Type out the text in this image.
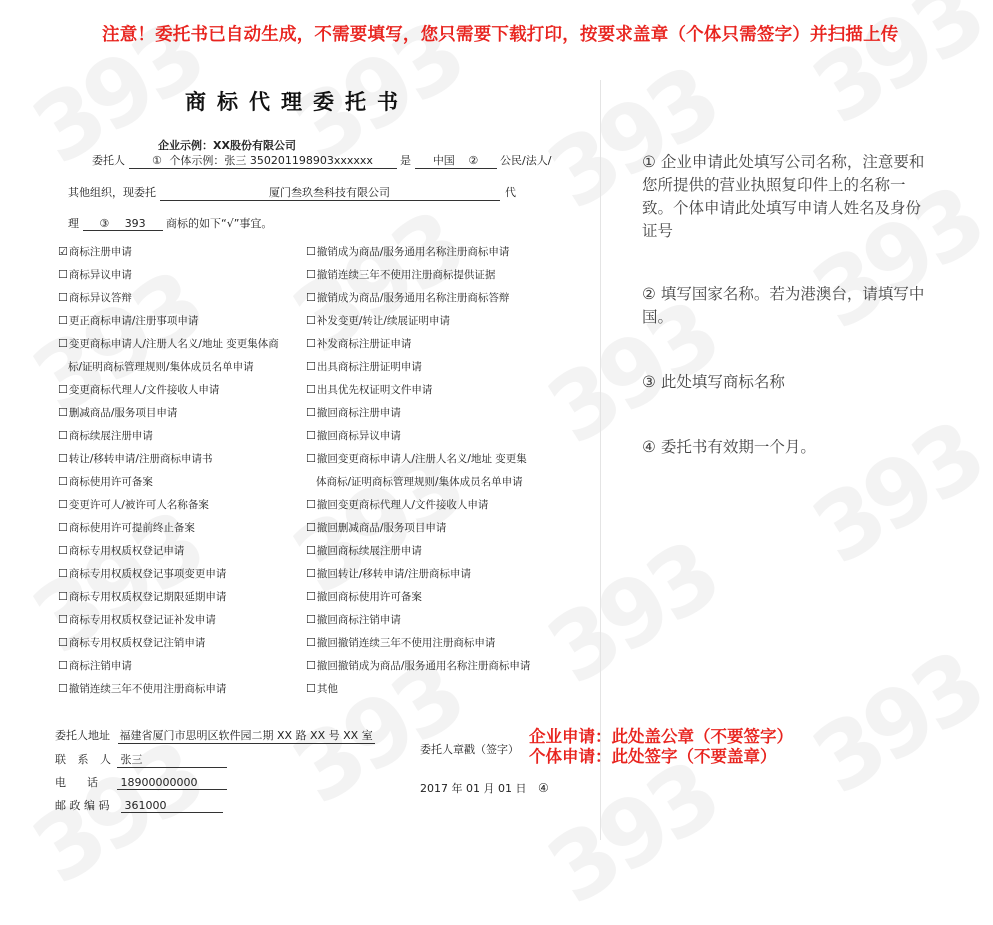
注意！委托书已自动生成，不需要填写，您只需要下载打印，按要求盖章（个体只需签字）并扫描上传
商标代理委托书
企业示例：XX股份有限公司
委托人 ① 个体示例：张三 350201198903xxxxxx 是 中国 ② 公民/法人/
其他组织，现委托	厦门叁玖叁科技有限公司	代
理 ③ 393 商标的如下“√”事宜。
☑商标注册申请
☐商标异议申请
☐商标异议答辩
☐更正商标申请/注册事项申请
☐变更商标申请人/注册人名义/地址 变更集体商
标/证明商标管理规则/集体成员名单申请
☐变更商标代理人/文件接收人申请
☐删减商品/服务项目申请
☐商标续展注册申请
☐转让/移转申请/注册商标申请书
☐商标使用许可备案
☐变更许可人/被许可人名称备案
☐商标使用许可提前终止备案
☐商标专用权质权登记申请
☐商标专用权质权登记事项变更申请
☐商标专用权质权登记期限延期申请
☐商标专用权质权登记证补发申请
☐商标专用权质权登记注销申请
☐商标注销申请
☐撤销连续三年不使用注册商标申请
☐撤销成为商品/服务通用名称注册商标申请
☐撤销连续三年不使用注册商标提供证据
☐撤销成为商品/服务通用名称注册商标答辩
☐补发变更/转让/续展证明申请
☐补发商标注册证申请
☐出具商标注册证明申请
☐出具优先权证明文件申请
☐撤回商标注册申请
☐撤回商标异议申请
☐撤回变更商标申请人/注册人名义/地址 变更集
体商标/证明商标管理规则/集体成员名单申请
☐撤回变更商标代理人/文件接收人申请
☐撤回删减商品/服务项目申请
☐撤回商标续展注册申请
☐撤回转让/移转申请/注册商标申请
☐撤回商标使用许可备案
☐撤回商标注销申请
☐撤回撤销连续三年不使用注册商标申请
☐撤回撤销成为商品/服务通用名称注册商标申请
☐其他
委托人地址 福建省厦门市思明区软件园二期 XX 路 XX 号 XX 室
联 系 人 张三
电      话 18900000000
邮 政 编 码 361000
委托人章戳（签字）
2017 年 01 月 01 日 ④
企业申请：此处盖公章（不要签字）
个体申请：此处签字（不要盖章）
① 企业申请此处填写公司名称，注意要和您所提供的营业执照复印件上的名称一致。个体申请此处填写申请人姓名及身份证号
② 填写国家名称。若为港澳台，请填写中国。
③ 此处填写商标名称
④ 委托书有效期一个月。
